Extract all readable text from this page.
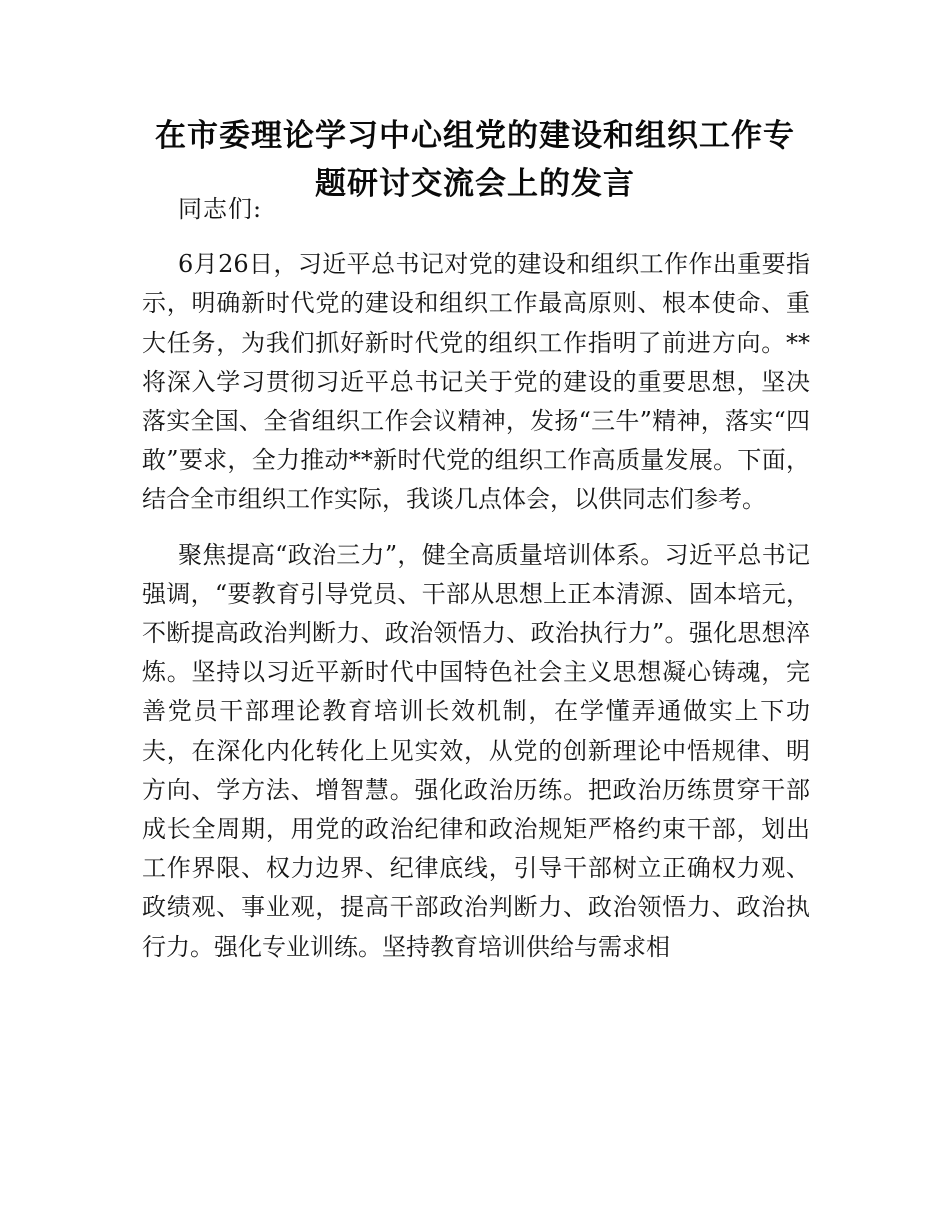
在市委理论学习中心组党的建设和组织工作专
题研讨交流会上的发言

同志们:

6月26日，习近平总书记对党的建设和组织工作作出重要指示，明确新时代党的建设和组织工作最高原则、根本使命、重大任务，为我们抓好新时代党的组织工作指明了前进方向。**将深入学习贯彻习近平总书记关于党的建设的重要思想，坚决落实全国、全省组织工作会议精神，发扬“三牛”精神，落实“四敢”要求，全力推动**新时代党的组织工作高质量发展。下面，结合全市组织工作实际，我谈几点体会，以供同志们参考。

聚焦提高“政治三力”，健全高质量培训体系。习近平总书记强调，“要教育引导党员、干部从思想上正本清源、固本培元，不断提高政治判断力、政治领悟力、政治执行力”。强化思想淬炼。坚持以习近平新时代中国特色社会主义思想凝心铸魂，完善党员干部理论教育培训长效机制，在学懂弄通做实上下功夫，在深化内化转化上见实效，从党的创新理论中悟规律、明方向、学方法、增智慧。强化政治历练。把政治历练贯穿干部成长全周期，用党的政治纪律和政治规矩严格约束干部，划出工作界限、权力边界、纪律底线，引导干部树立正确权力观、政绩观、事业观，提高干部政治判断力、政治领悟力、政治执行力。强化专业训练。坚持教育培训供给与需求相
